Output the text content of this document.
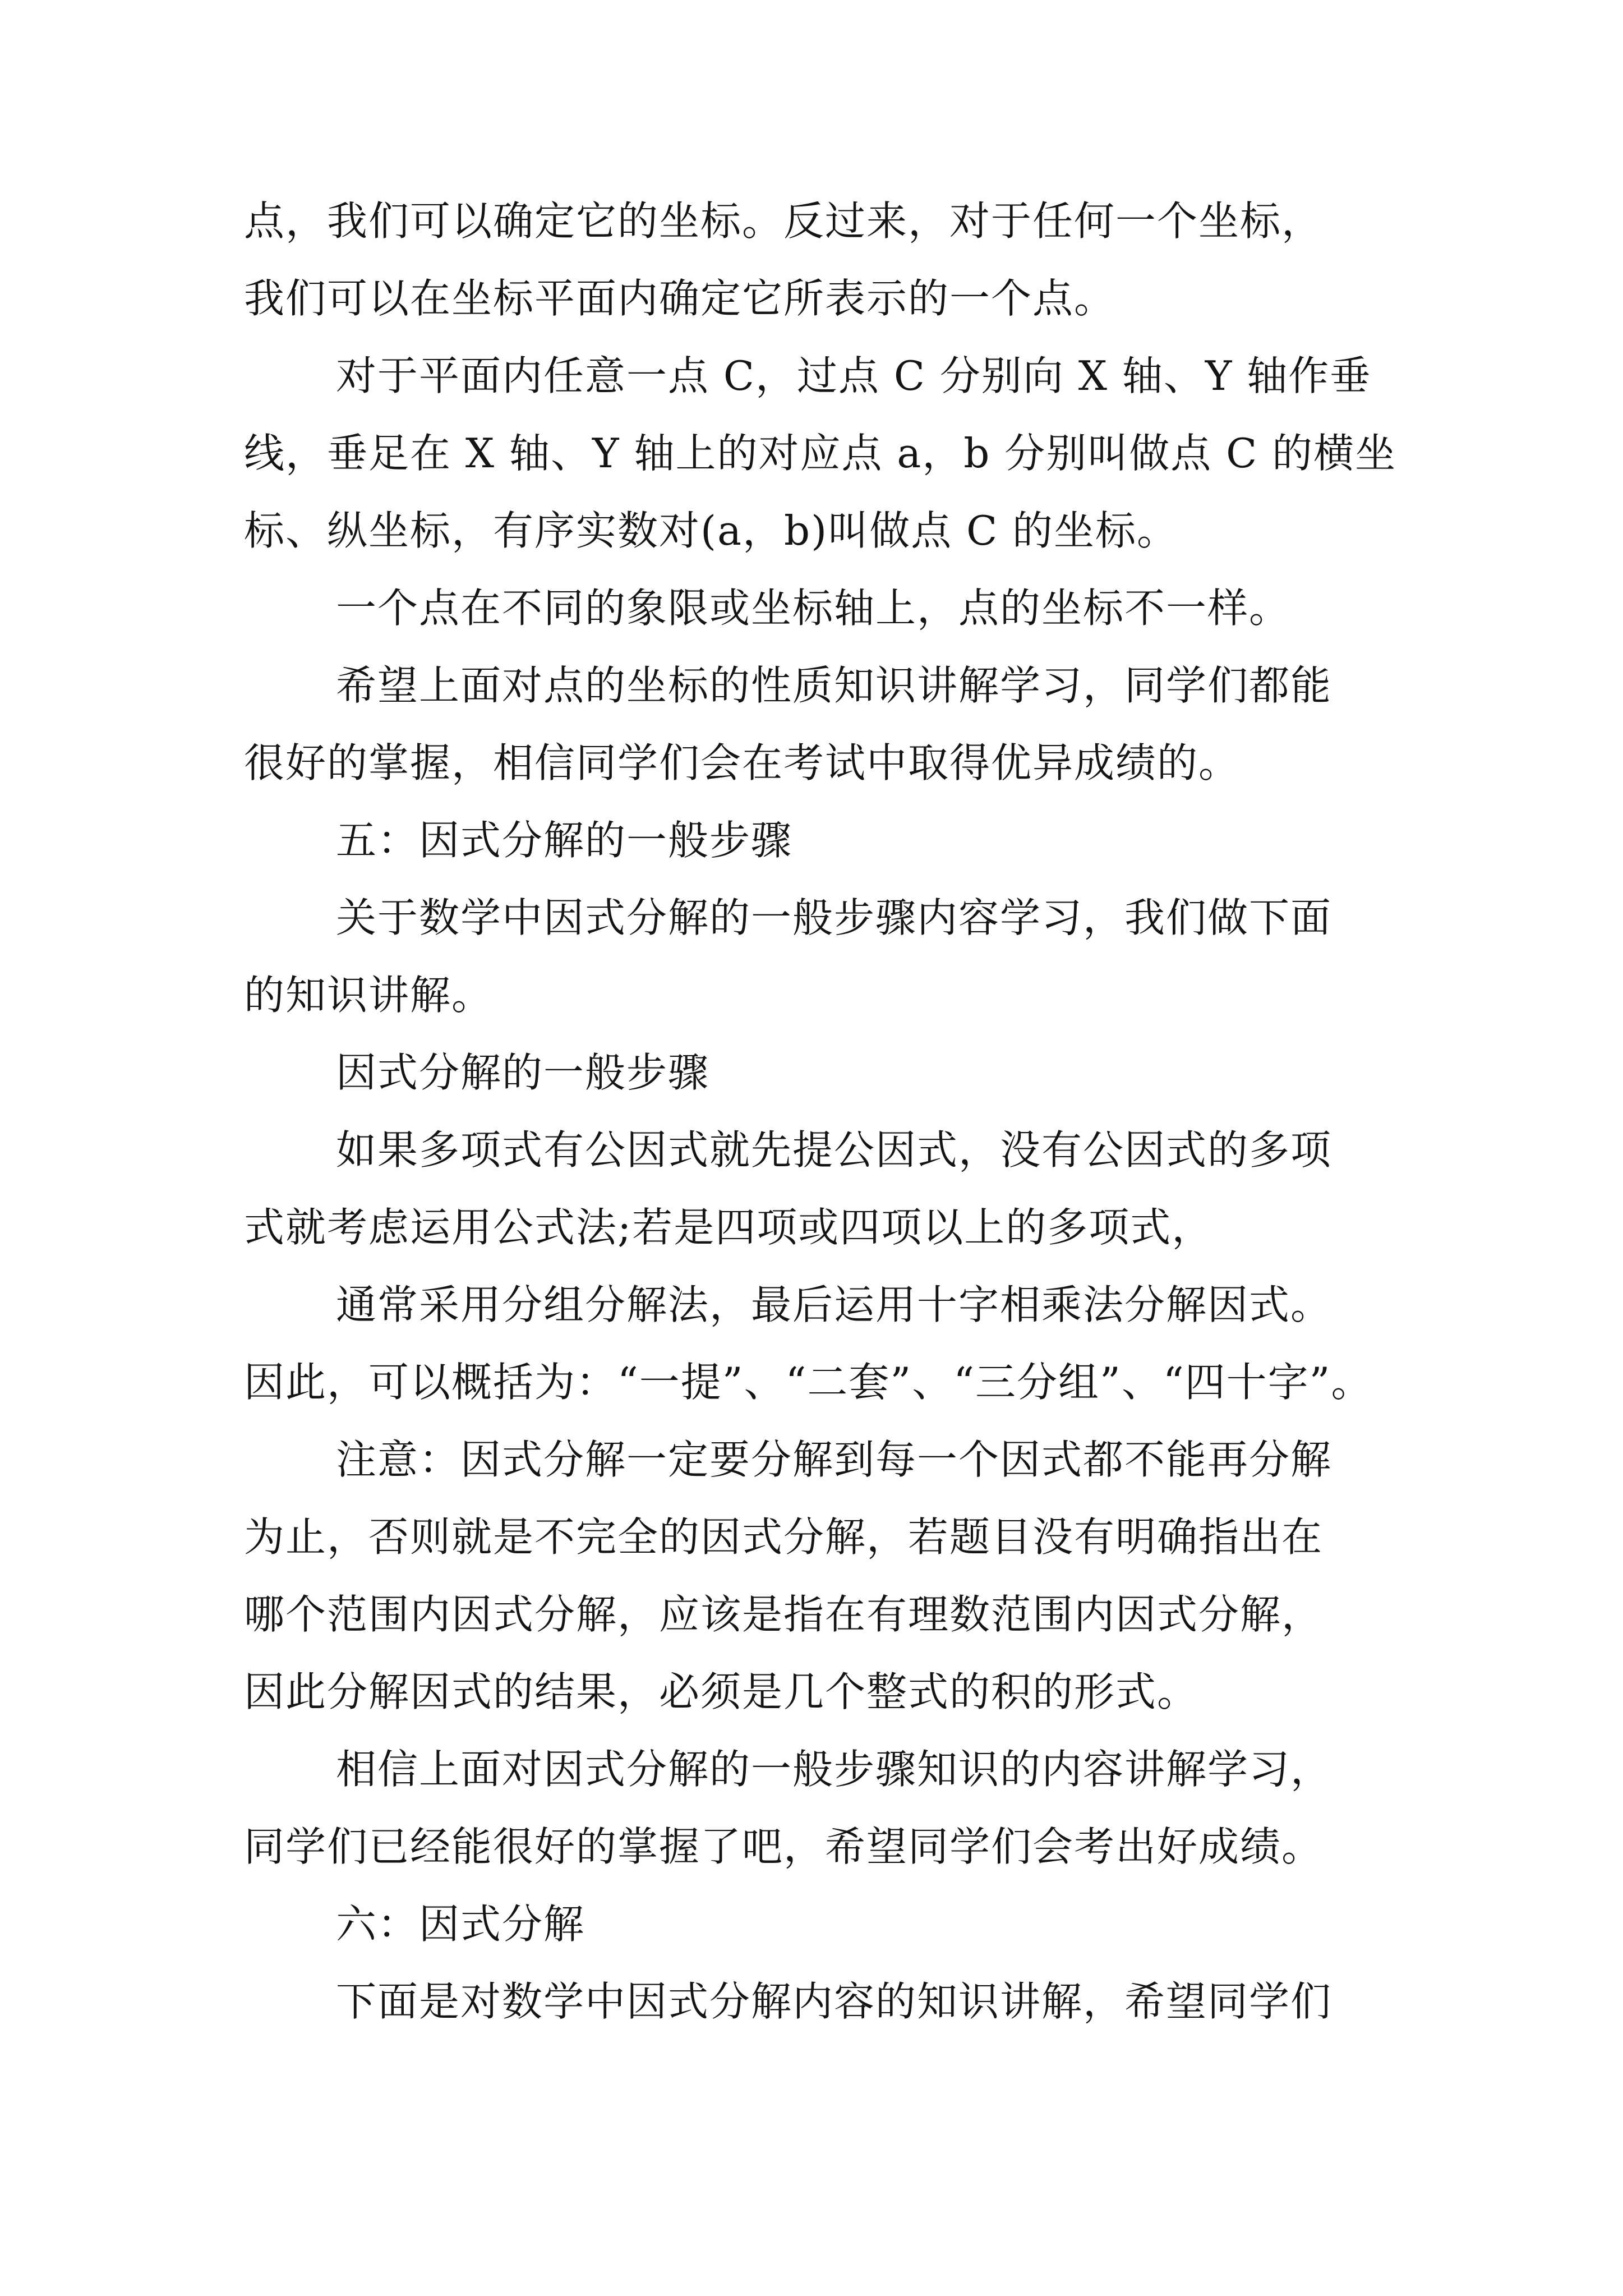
点，我们可以确定它的坐标。反过来，对于任何一个坐标，
我们可以在坐标平面内确定它所表示的一个点。
对于平面内任意一点 C，过点 C 分别向 X 轴、Y 轴作垂
线，垂足在 X 轴、Y 轴上的对应点 a，b 分别叫做点 C 的横坐
标、纵坐标，有序实数对(a，b)叫做点 C 的坐标。
一个点在不同的象限或坐标轴上，点的坐标不一样。
希望上面对点的坐标的性质知识讲解学习，同学们都能
很好的掌握，相信同学们会在考试中取得优异成绩的。
五：因式分解的一般步骤
关于数学中因式分解的一般步骤内容学习，我们做下面
的知识讲解。
因式分解的一般步骤
如果多项式有公因式就先提公因式，没有公因式的多项
式就考虑运用公式法;若是四项或四项以上的多项式，
通常采用分组分解法，最后运用十字相乘法分解因式。
因此，可以概括为：“一提”、“二套”、“三分组”、“四十字”。
注意：因式分解一定要分解到每一个因式都不能再分解
为止，否则就是不完全的因式分解，若题目没有明确指出在
哪个范围内因式分解，应该是指在有理数范围内因式分解，
因此分解因式的结果，必须是几个整式的积的形式。
相信上面对因式分解的一般步骤知识的内容讲解学习，
同学们已经能很好的掌握了吧，希望同学们会考出好成绩。
六：因式分解
下面是对数学中因式分解内容的知识讲解，希望同学们
